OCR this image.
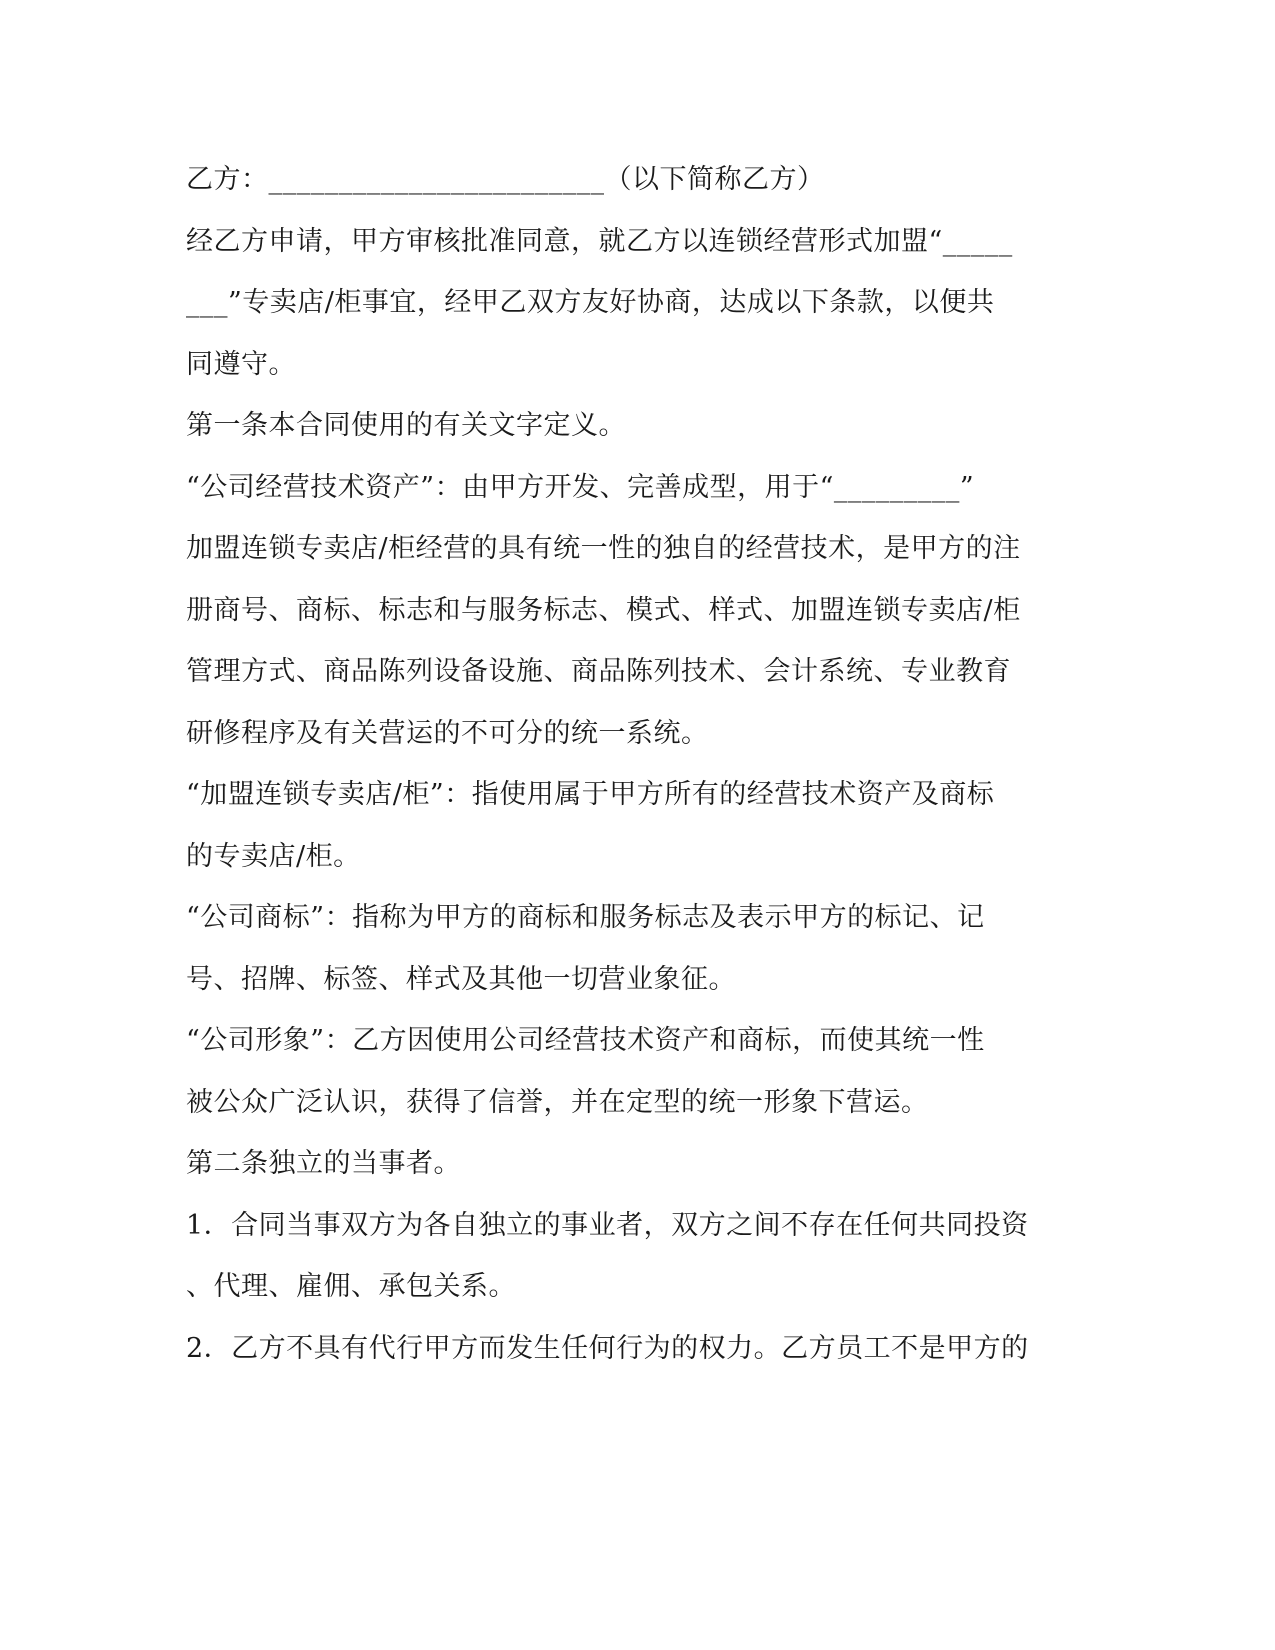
乙方：________________________（以下简称乙方）
经乙方申请，甲方审核批准同意，就乙方以连锁经营形式加盟“_____
___”专卖店/柜事宜，经甲乙双方友好协商，达成以下条款，以便共
同遵守。
第一条本合同使用的有关文字定义。
“公司经营技术资产”：由甲方开发、完善成型，用于“_________”
加盟连锁专卖店/柜经营的具有统一性的独自的经营技术，是甲方的注
册商号、商标、标志和与服务标志、模式、样式、加盟连锁专卖店/柜
管理方式、商品陈列设备设施、商品陈列技术、会计系统、专业教育
研修程序及有关营运的不可分的统一系统。
“加盟连锁专卖店/柜”：指使用属于甲方所有的经营技术资产及商标
的专卖店/柜。
“公司商标”：指称为甲方的商标和服务标志及表示甲方的标记、记
号、招牌、标签、样式及其他一切营业象征。
“公司形象”：乙方因使用公司经营技术资产和商标，而使其统一性
被公众广泛认识，获得了信誉，并在定型的统一形象下营运。
第二条独立的当事者。
1．合同当事双方为各自独立的事业者，双方之间不存在任何共同投资
、代理、雇佣、承包关系。
2．乙方不具有代行甲方而发生任何行为的权力。乙方员工不是甲方的
